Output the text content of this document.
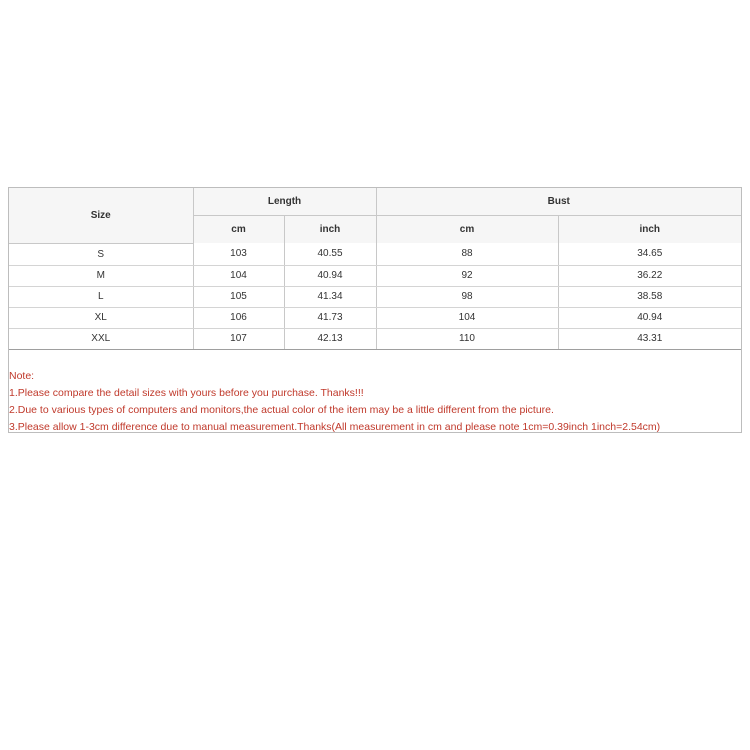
Size	Length		Bust	
	cm	inch	cm	inch
S	103	40.55	88	34.65
M	104	40.94	92	36.22
L	105	41.34	98	38.58
XL	106	41.73	104	40.94
XXL	107	42.13	110	43.31
Note:
1.Please compare the detail sizes with yours before you purchase. Thanks!!!
2.Due to various types of computers and monitors,the actual color of the item may be a little different from the picture.
3.Please allow 1-3cm difference due to manual measurement.Thanks(All measurement in cm and please note 1cm=0.39inch 1inch=2.54cm)
